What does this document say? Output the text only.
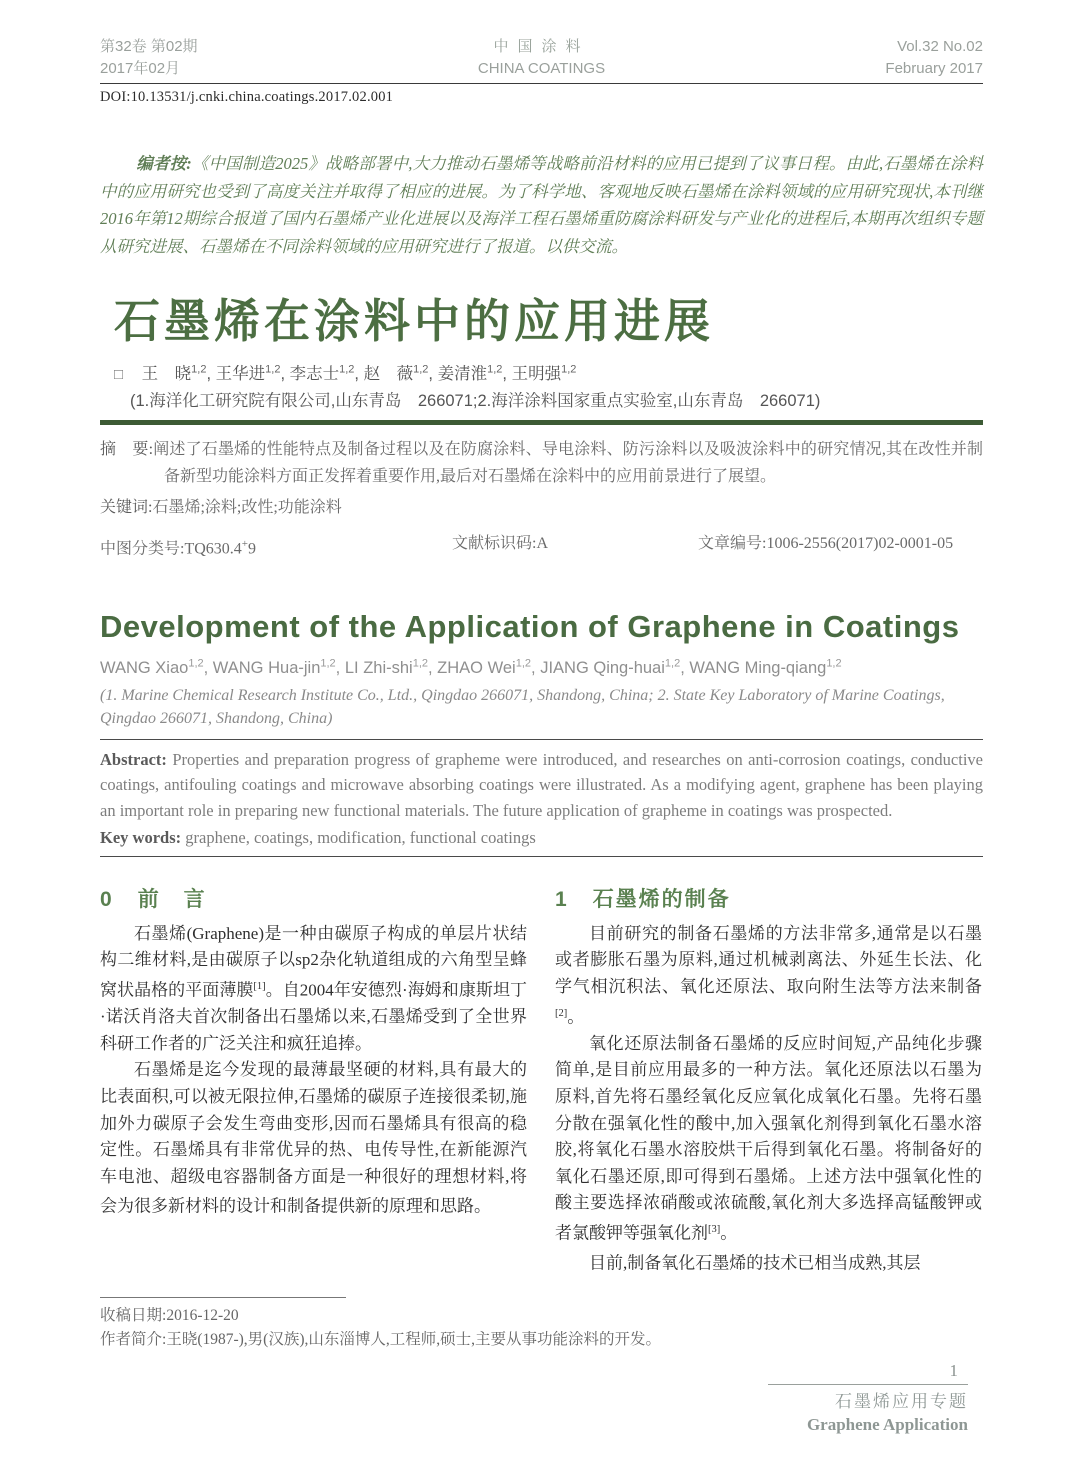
第32卷 第02期
2017年02月
中国涂料
CHINA COATINGS
Vol.32 No.02
February 2017
DOI:10.13531/j.cnki.china.coatings.2017.02.001
编者按:《中国制造2025》战略部署中,大力推动石墨烯等战略前沿材料的应用已提到了议事日程。由此,石墨烯在涂料中的应用研究也受到了高度关注并取得了相应的进展。为了科学地、客观地反映石墨烯在涂料领域的应用研究现状,本刊继2016年第12期综合报道了国内石墨烯产业化进展以及海洋工程石墨烯重防腐涂料研发与产业化的进程后,本期再次组织专题从研究进展、石墨烯在不同涂料领域的应用研究进行了报道。以供交流。
石墨烯在涂料中的应用进展
□ 王　晓$^{1,2}$, 王华进$^{1,2}$, 李志士$^{1,2}$, 赵　薇$^{1,2}$, 姜清淮$^{1,2}$, 王明强$^{1,2}$
(1.海洋化工研究院有限公司,山东青岛　266071;2.海洋涂料国家重点实验室,山东青岛　266071)

摘　要:阐述了石墨烯的性能特点及制备过程以及在防腐涂料、导电涂料、防污涂料以及吸波涂料中的研究情况,其在改性并制备新型功能涂料方面正发挥着重要作用,最后对石墨烯在涂料中的应用前景进行了展望。

关键词:石墨烯;涂料;改性;功能涂料

中图分类号:TQ630.4+9	文献标识码:A	文章编号:1006-2556(2017)02-0001-05
Development of the Application of Graphene in Coatings
WANG Xiao$^{1,2}$, WANG Hua-jin$^{1,2}$, LI Zhi-shi$^{1,2}$, ZHAO Wei$^{1,2}$, JIANG Qing-huai$^{1,2}$, WANG Ming-qiang$^{1,2}$
(1. Marine Chemical Research Institute Co., Ltd., Qingdao 266071, Shandong, China; 2. State Key Laboratory of Marine Coatings, Qingdao 266071, Shandong, China)
Abstract: Properties and preparation progress of grapheme were introduced, and researches on anti-corrosion coatings, conductive coatings, antifouling coatings and microwave absorbing coatings were illustrated. As a modifying agent, graphene has been playing an important role in preparing new functional materials. The future application of grapheme in coatings was prospected.
Key words: graphene, coatings, modification, functional coatings
0 前　言

石墨烯(Graphene)是一种由碳原子构成的单层片状结构二维材料,是由碳原子以sp2杂化轨道组成的六角型呈蜂窝状晶格的平面薄膜[1]。自2004年安德烈·海姆和康斯坦丁·诺沃肖洛夫首次制备出石墨烯以来,石墨烯受到了全世界科研工作者的广泛关注和疯狂追捧。

石墨烯是迄今发现的最薄最坚硬的材料,具有最大的比表面积,可以被无限拉伸,石墨烯的碳原子连接很柔韧,施加外力碳原子会发生弯曲变形,因而石墨烯具有很高的稳定性。石墨烯具有非常优异的热、电传导性,在新能源汽车电池、超级电容器制备方面是一种很好的理想材料,将会为很多新材料的设计和制备提供新的原理和思路。

1 石墨烯的制备

目前研究的制备石墨烯的方法非常多,通常是以石墨或者膨胀石墨为原料,通过机械剥离法、外延生长法、化学气相沉积法、氧化还原法、取向附生法等方法来制备[2]。

氧化还原法制备石墨烯的反应时间短,产品纯化步骤简单,是目前应用最多的一种方法。氧化还原法以石墨为原料,首先将石墨经氧化反应氧化成氧化石墨。先将石墨分散在强氧化性的酸中,加入强氧化剂得到氧化石墨水溶胶,将氧化石墨水溶胶烘干后得到氧化石墨。将制备好的氧化石墨还原,即可得到石墨烯。上述方法中强氧化性的酸主要选择浓硝酸或浓硫酸,氧化剂大多选择高锰酸钾或者氯酸钾等强氧化剂[3]。

目前,制备氧化石墨烯的技术已相当成熟,其层

收稿日期:2016-12-20
作者简介:王晓(1987-),男(汉族),山东淄博人,工程师,硕士,主要从事功能涂料的开发。
1
石墨烯应用专题
Graphene Application
